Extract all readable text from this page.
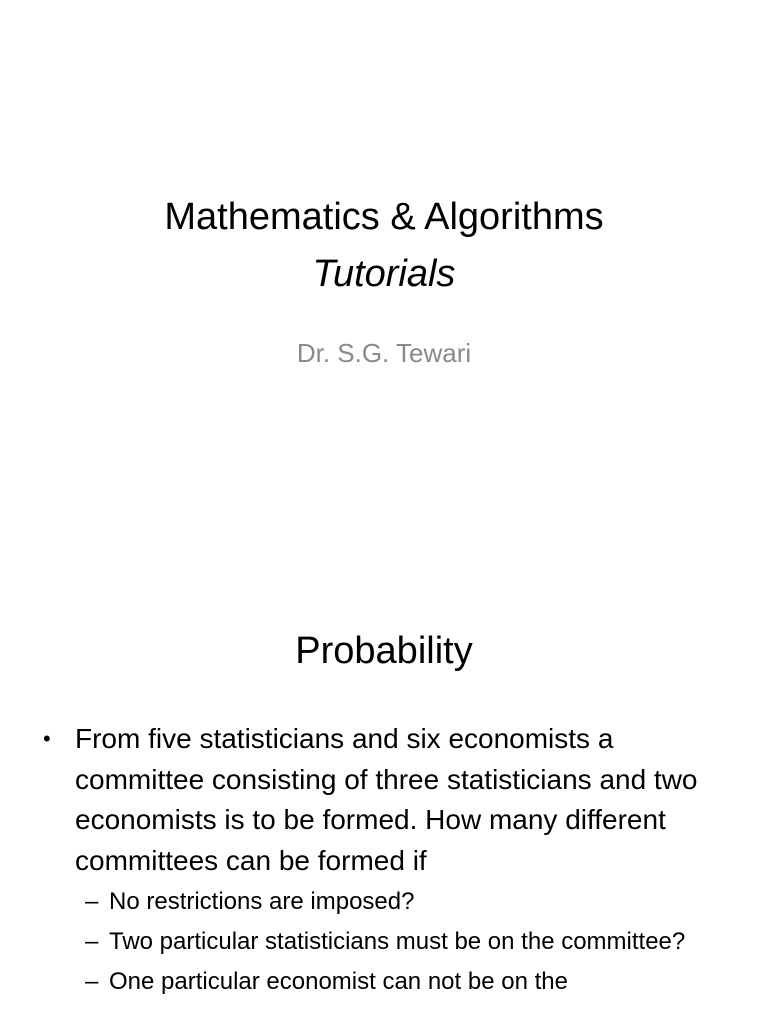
Mathematics & Algorithms
Tutorials
Dr. S.G. Tewari
Probability
• From five statisticians and six economists a committee consisting of three statisticians and two economists is to be formed. How many different committees can be formed if
– No restrictions are imposed?
– Two particular statisticians must be on the committee?
– One particular economist can not be on the
